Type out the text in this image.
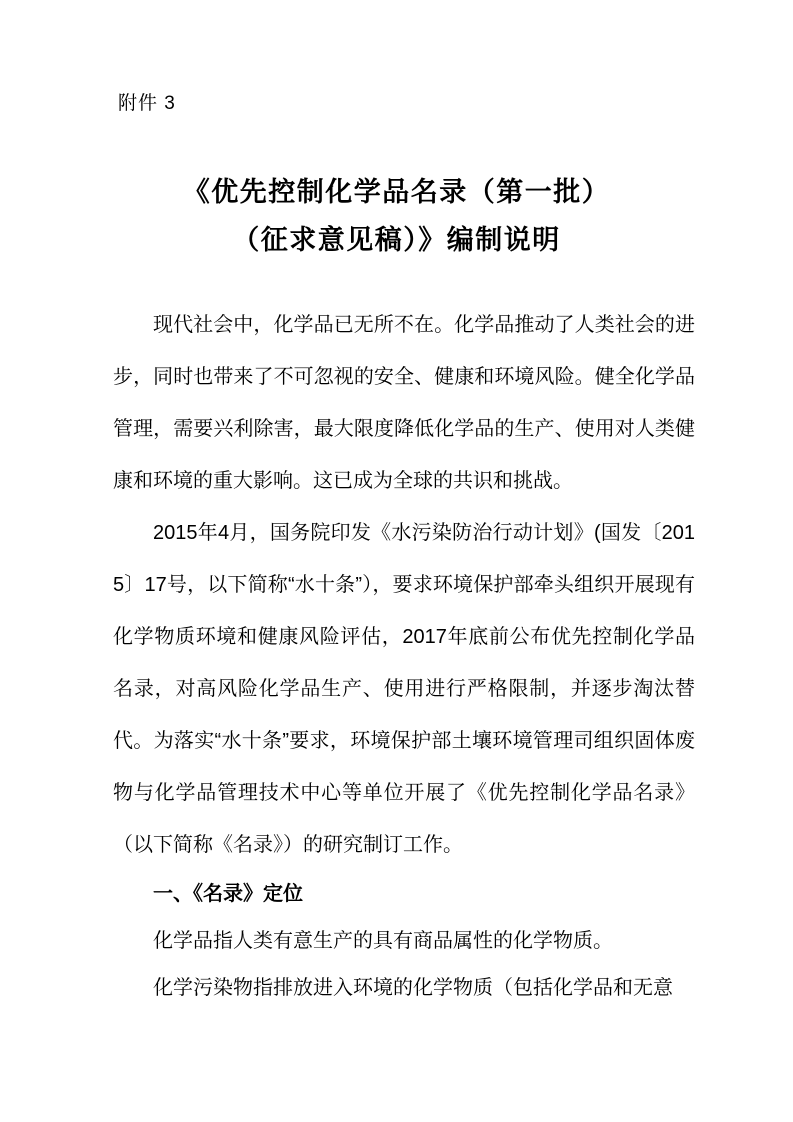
附件 3
《优先控制化学品名录（第一批）
（征求意见稿）》编制说明

现代社会中，化学品已无所不在。化学品推动了人类社会的进步，同时也带来了不可忽视的安全、健康和环境风险。健全化学品管理，需要兴利除害，最大限度降低化学品的生产、使用对人类健康和环境的重大影响。这已成为全球的共识和挑战。

2015年4月，国务院印发《水污染防治行动计划》(国发〔2015〕17号，以下简称“水十条”），要求环境保护部牵头组织开展现有化学物质环境和健康风险评估，2017年底前公布优先控制化学品名录，对高风险化学品生产、使用进行严格限制，并逐步淘汰替代。为落实“水十条”要求，环境保护部土壤环境管理司组织固体废物与化学品管理技术中心等单位开展了《优先控制化学品名录》（以下简称《名录》）的研究制订工作。

一、《名录》定位

化学品指人类有意生产的具有商品属性的化学物质。

化学污染物指排放进入环境的化学物质（包括化学品和无意
